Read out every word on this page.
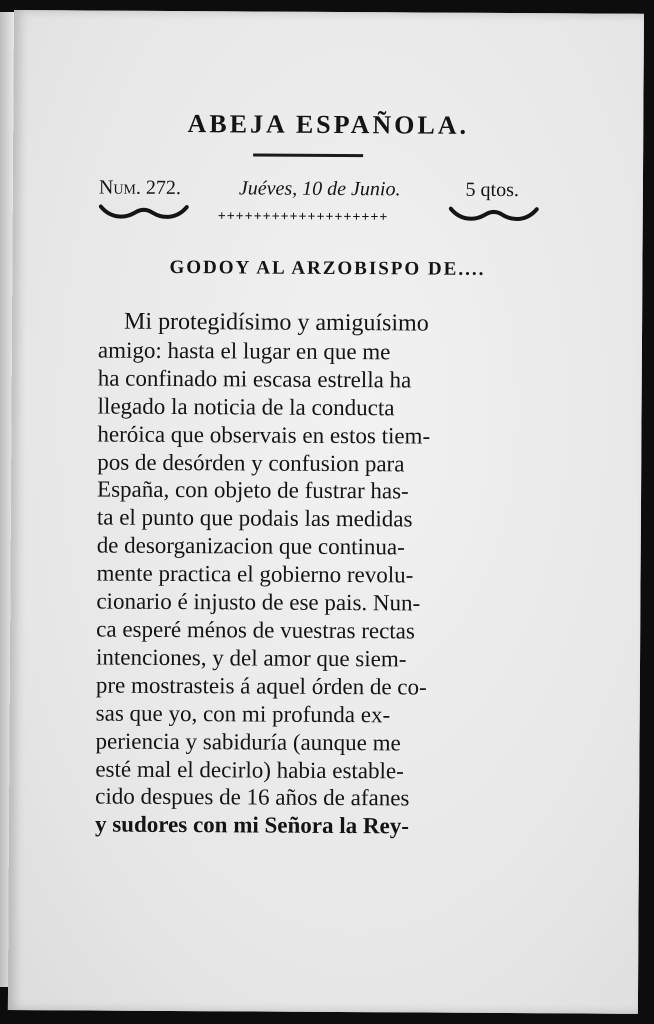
ABEJA ESPAÑOLA.
Num. 272.	Juéves, 10 de Junio.	5 qtos.
+++++++++++++++++++
GODOY AL ARZOBISPO DE....
Mi protegidísimo y amiguísimo
amigo: hasta el lugar en que me
ha confinado mi escasa estrella ha
llegado la noticia de la conducta
heróica que observais en estos tiem-
pos de desórden y confusion para
España, con objeto de fustrar has-
ta el punto que podais las medidas
de desorganizacion que continua-
mente practica el gobierno revolu-
cionario é injusto de ese pais. Nun-
ca esperé ménos de vuestras rectas
intenciones, y del amor que siem-
pre mostrasteis á aquel órden de co-
sas que yo, con mi profunda ex-
periencia y sabiduría (aunque me
esté mal el decirlo) habia estable-
cido despues de 16 años de afanes
y sudores con mi Señora la Rey-
